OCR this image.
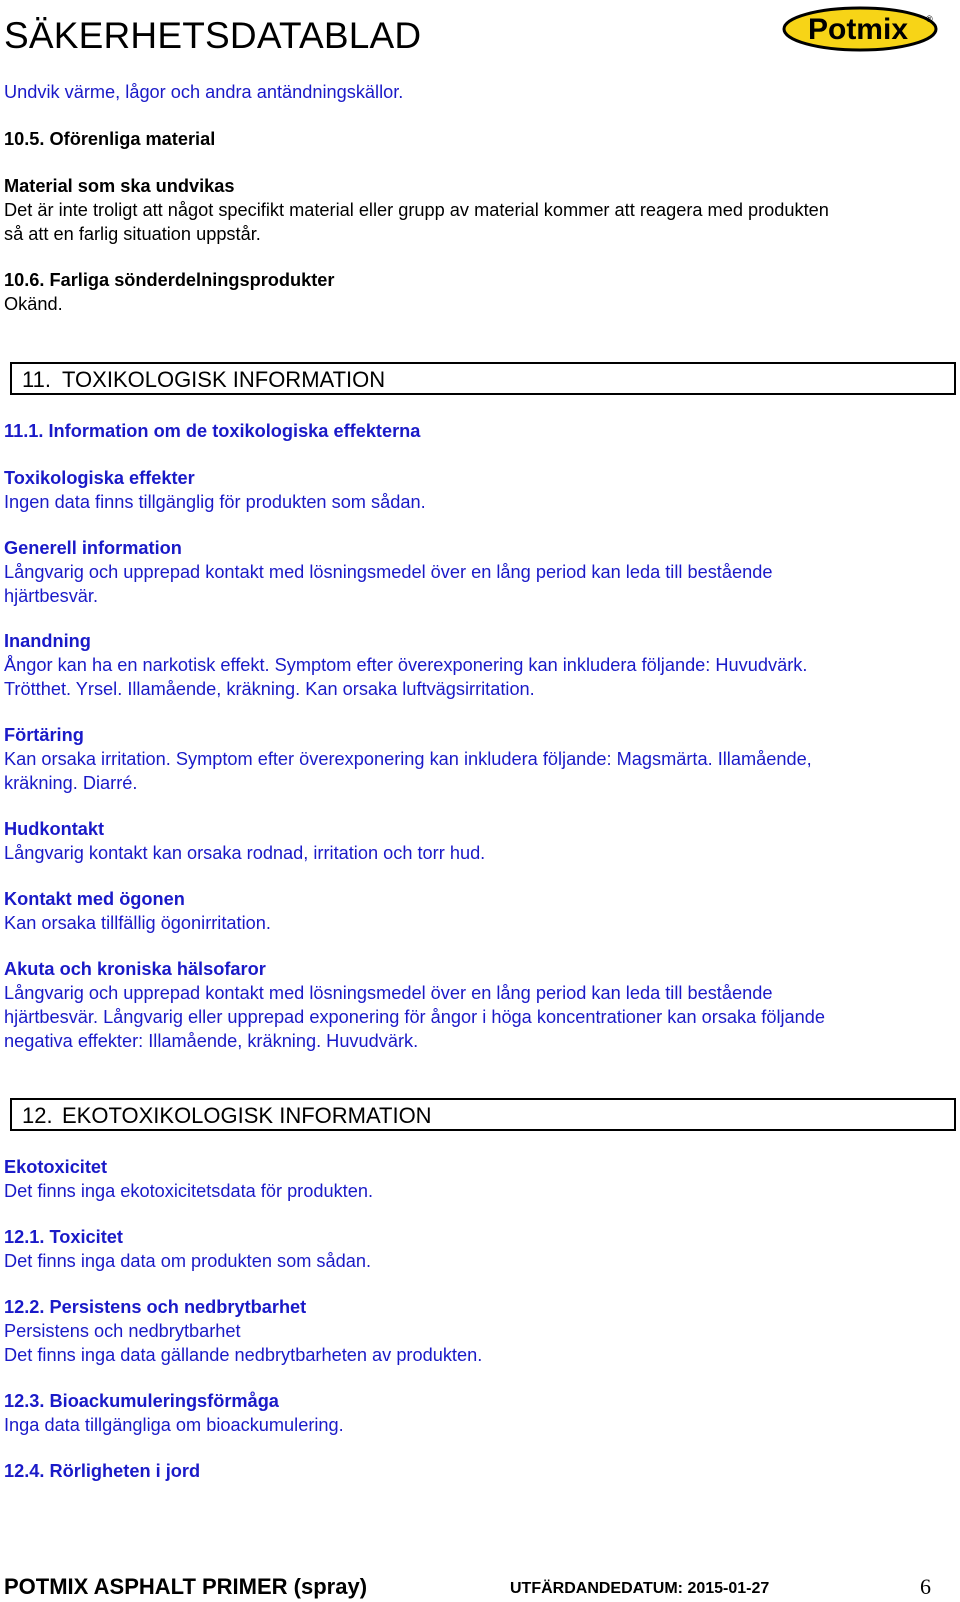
SÄKERHETSDATABLAD	Potmix ®
Undvik värme, lågor och andra antändningskällor.
10.5. Oförenliga material
Material som ska undvikas
Det är inte troligt att något specifikt material eller grupp av material kommer att reagera med produkten
så att en farlig situation uppstår.
10.6. Farliga sönderdelningsprodukter
Okänd.
11. TOXIKOLOGISK INFORMATION
11.1. Information om de toxikologiska effekterna
Toxikologiska effekter
Ingen data finns tillgänglig för produkten som sådan.
Generell information
Långvarig och upprepad kontakt med lösningsmedel över en lång period kan leda till bestående
hjärtbesvär.
Inandning
Ångor kan ha en narkotisk effekt. Symptom efter överexponering kan inkludera följande: Huvudvärk.
Trötthet. Yrsel. Illamående, kräkning. Kan orsaka luftvägsirritation.
Förtäring
Kan orsaka irritation. Symptom efter överexponering kan inkludera följande: Magsmärta. Illamående,
kräkning. Diarré.
Hudkontakt
Långvarig kontakt kan orsaka rodnad, irritation och torr hud.
Kontakt med ögonen
Kan orsaka tillfällig ögonirritation.
Akuta och kroniska hälsofaror
Långvarig och upprepad kontakt med lösningsmedel över en lång period kan leda till bestående
hjärtbesvär. Långvarig eller upprepad exponering för ångor i höga koncentrationer kan orsaka följande
negativa effekter: Illamående, kräkning. Huvudvärk.
12. EKOTOXIKOLOGISK INFORMATION
Ekotoxicitet
Det finns inga ekotoxicitetsdata för produkten.
12.1. Toxicitet
Det finns inga data om produkten som sådan.
12.2. Persistens och nedbrytbarhet
Persistens och nedbrytbarhet
Det finns inga data gällande nedbrytbarheten av produkten.
12.3. Bioackumuleringsförmåga
Inga data tillgängliga om bioackumulering.
12.4. Rörligheten i jord
POTMIX ASPHALT PRIMER (spray)	UTFÄRDANDEDATUM: 2015-01-27	6
